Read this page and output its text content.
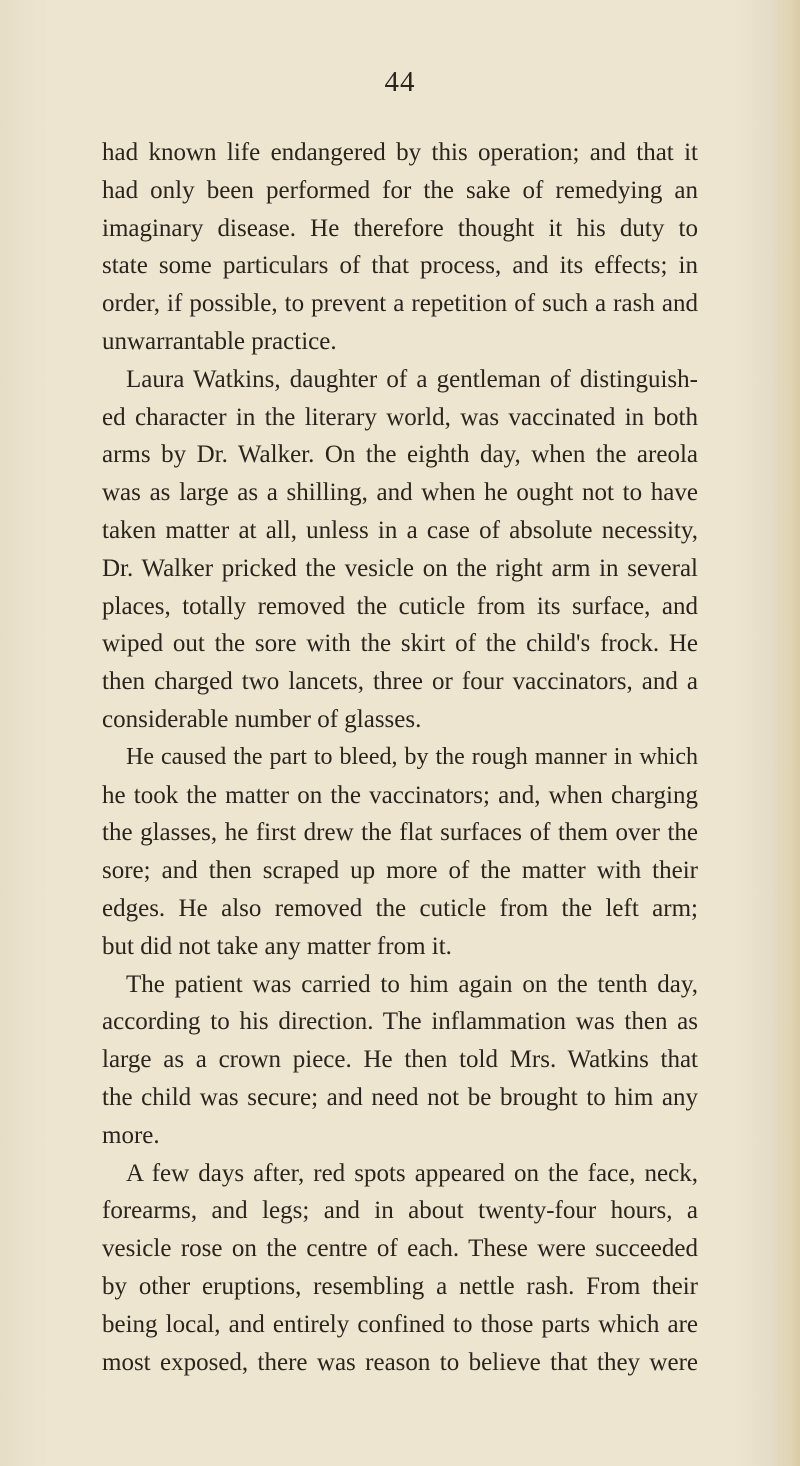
44
had known life endangered by this operation; and that it
had only been performed for the sake of remedying an
imaginary disease. He therefore thought it his duty to
state some particulars of that process, and its effects; in
order, if possible, to prevent a repetition of such a rash and
unwarrantable practice.
Laura Watkins, daughter of a gentleman of distinguish-
ed character in the literary world, was vaccinated in both
arms by Dr. Walker. On the eighth day, when the areola
was as large as a shilling, and when he ought not to have
taken matter at all, unless in a case of absolute necessity,
Dr. Walker pricked the vesicle on the right arm in several
places, totally removed the cuticle from its surface, and
wiped out the sore with the skirt of the child's frock. He
then charged two lancets, three or four vaccinators, and a
considerable number of glasses.
He caused the part to bleed, by the rough manner in which
he took the matter on the vaccinators; and, when charging
the glasses, he first drew the flat surfaces of them over the
sore; and then scraped up more of the matter with their
edges. He also removed the cuticle from the left arm;
but did not take any matter from it.
The patient was carried to him again on the tenth day,
according to his direction. The inflammation was then as
large as a crown piece. He then told Mrs. Watkins that
the child was secure; and need not be brought to him any
more.
A few days after, red spots appeared on the face, neck,
forearms, and legs; and in about twenty-four hours, a
vesicle rose on the centre of each. These were succeeded
by other eruptions, resembling a nettle rash. From their
being local, and entirely confined to those parts which are
most exposed, there was reason to believe that they were
